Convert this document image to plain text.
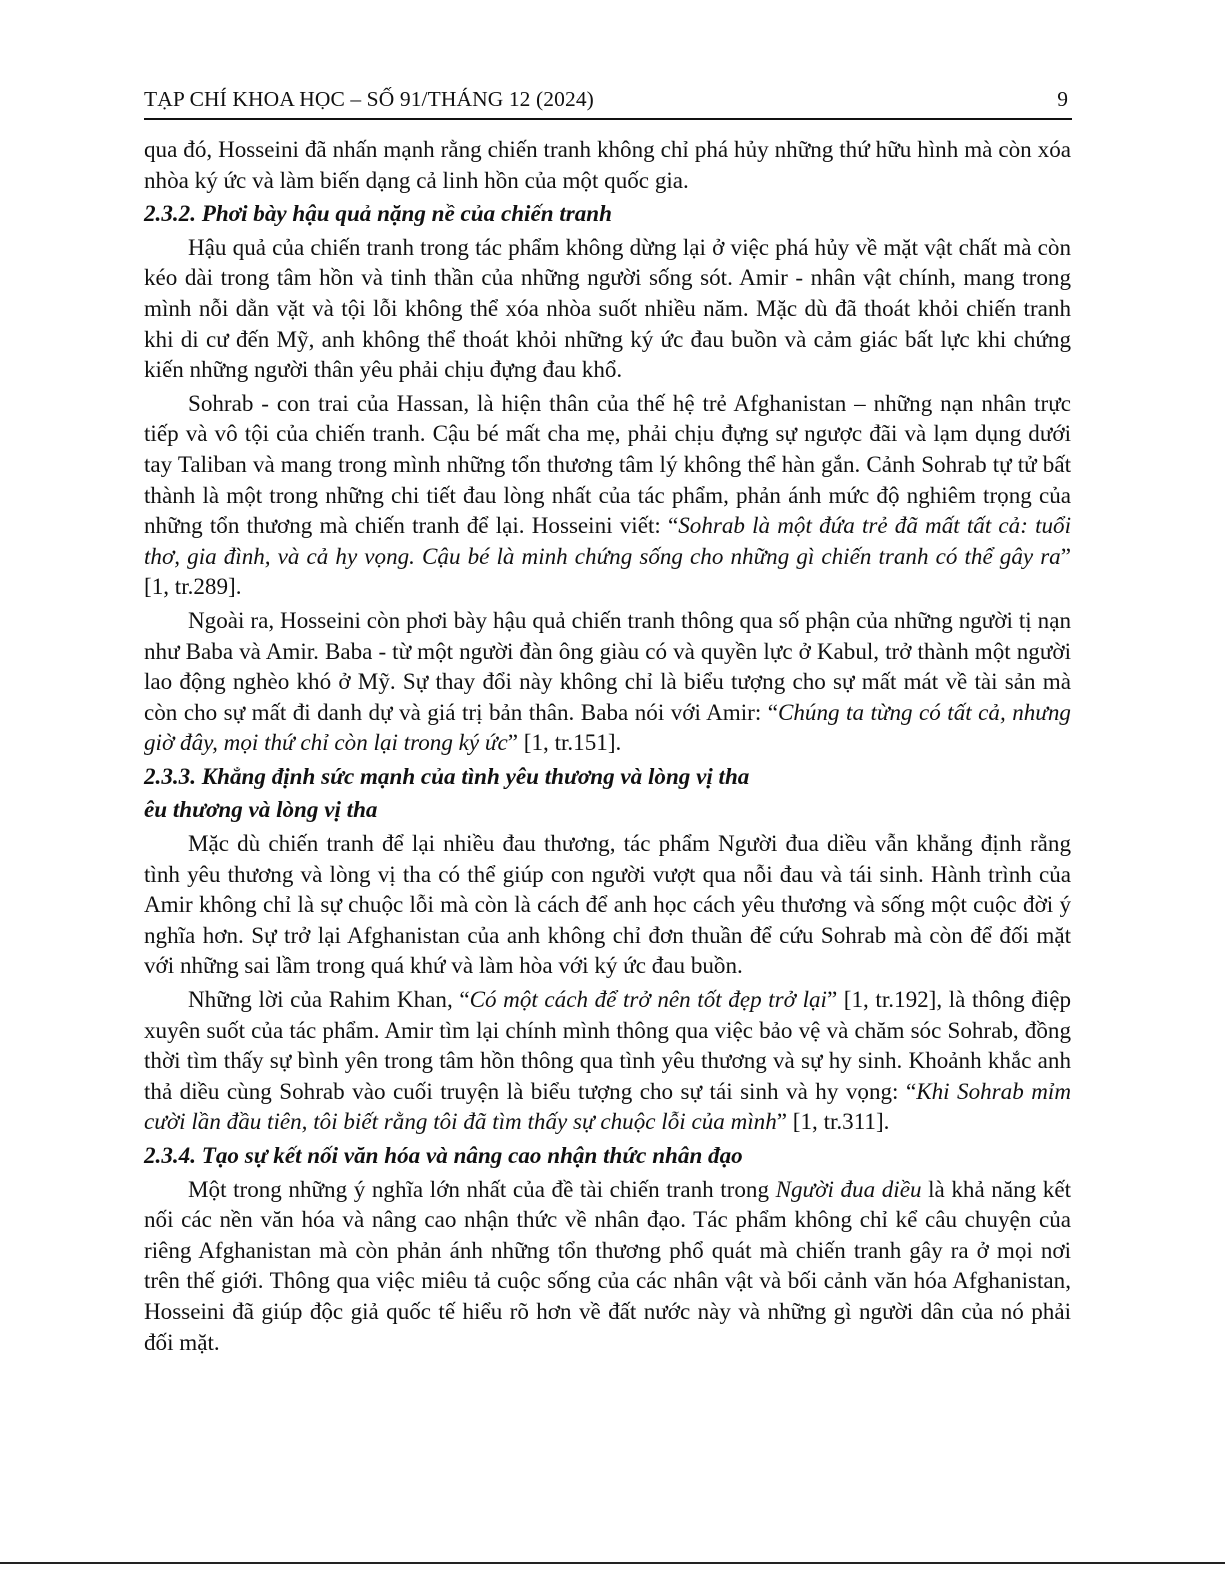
TẠP CHÍ KHOA HỌC – SỐ 91/THÁNG 12 (2024)	9

qua đó, Hosseini đã nhấn mạnh rằng chiến tranh không chỉ phá hủy những thứ hữu hình mà còn xóa nhòa ký ức và làm biến dạng cả linh hồn của một quốc gia.

2.3.2. Phơi bày hậu quả nặng nề của chiến tranh

Hậu quả của chiến tranh trong tác phẩm không dừng lại ở việc phá hủy về mặt vật chất mà còn kéo dài trong tâm hồn và tinh thần của những người sống sót. Amir - nhân vật chính, mang trong mình nỗi dằn vặt và tội lỗi không thể xóa nhòa suốt nhiều năm. Mặc dù đã thoát khỏi chiến tranh khi di cư đến Mỹ, anh không thể thoát khỏi những ký ức đau buồn và cảm giác bất lực khi chứng kiến những người thân yêu phải chịu đựng đau khổ.

Sohrab - con trai của Hassan, là hiện thân của thế hệ trẻ Afghanistan – những nạn nhân trực tiếp và vô tội của chiến tranh. Cậu bé mất cha mẹ, phải chịu đựng sự ngược đãi và lạm dụng dưới tay Taliban và mang trong mình những tổn thương tâm lý không thể hàn gắn. Cảnh Sohrab tự tử bất thành là một trong những chi tiết đau lòng nhất của tác phẩm, phản ánh mức độ nghiêm trọng của những tổn thương mà chiến tranh để lại. Hosseini viết: “Sohrab là một đứa trẻ đã mất tất cả: tuổi thơ, gia đình, và cả hy vọng. Cậu bé là minh chứng sống cho những gì chiến tranh có thể gây ra” [1, tr.289].

Ngoài ra, Hosseini còn phơi bày hậu quả chiến tranh thông qua số phận của những người tị nạn như Baba và Amir. Baba - từ một người đàn ông giàu có và quyền lực ở Kabul, trở thành một người lao động nghèo khó ở Mỹ. Sự thay đổi này không chỉ là biểu tượng cho sự mất mát về tài sản mà còn cho sự mất đi danh dự và giá trị bản thân. Baba nói với Amir: “Chúng ta từng có tất cả, nhưng giờ đây, mọi thứ chỉ còn lại trong ký ức” [1, tr.151].

2.3.3. Khẳng định sức mạnh của tình yêu thương và lòng vị tha

êu thương và lòng vị tha

Mặc dù chiến tranh để lại nhiều đau thương, tác phẩm Người đua diều vẫn khẳng định rằng tình yêu thương và lòng vị tha có thể giúp con người vượt qua nỗi đau và tái sinh. Hành trình của Amir không chỉ là sự chuộc lỗi mà còn là cách để anh học cách yêu thương và sống một cuộc đời ý nghĩa hơn. Sự trở lại Afghanistan của anh không chỉ đơn thuần để cứu Sohrab mà còn để đối mặt với những sai lầm trong quá khứ và làm hòa với ký ức đau buồn.

Những lời của Rahim Khan, “Có một cách để trở nên tốt đẹp trở lại” [1, tr.192], là thông điệp xuyên suốt của tác phẩm. Amir tìm lại chính mình thông qua việc bảo vệ và chăm sóc Sohrab, đồng thời tìm thấy sự bình yên trong tâm hồn thông qua tình yêu thương và sự hy sinh. Khoảnh khắc anh thả diều cùng Sohrab vào cuối truyện là biểu tượng cho sự tái sinh và hy vọng: “Khi Sohrab mỉm cười lần đầu tiên, tôi biết rằng tôi đã tìm thấy sự chuộc lỗi của mình” [1, tr.311].

2.3.4. Tạo sự kết nối văn hóa và nâng cao nhận thức nhân đạo

Một trong những ý nghĩa lớn nhất của đề tài chiến tranh trong Người đua diều là khả năng kết nối các nền văn hóa và nâng cao nhận thức về nhân đạo. Tác phẩm không chỉ kể câu chuyện của riêng Afghanistan mà còn phản ánh những tổn thương phổ quát mà chiến tranh gây ra ở mọi nơi trên thế giới. Thông qua việc miêu tả cuộc sống của các nhân vật và bối cảnh văn hóa Afghanistan, Hosseini đã giúp độc giả quốc tế hiểu rõ hơn về đất nước này và những gì người dân của nó phải đối mặt.
